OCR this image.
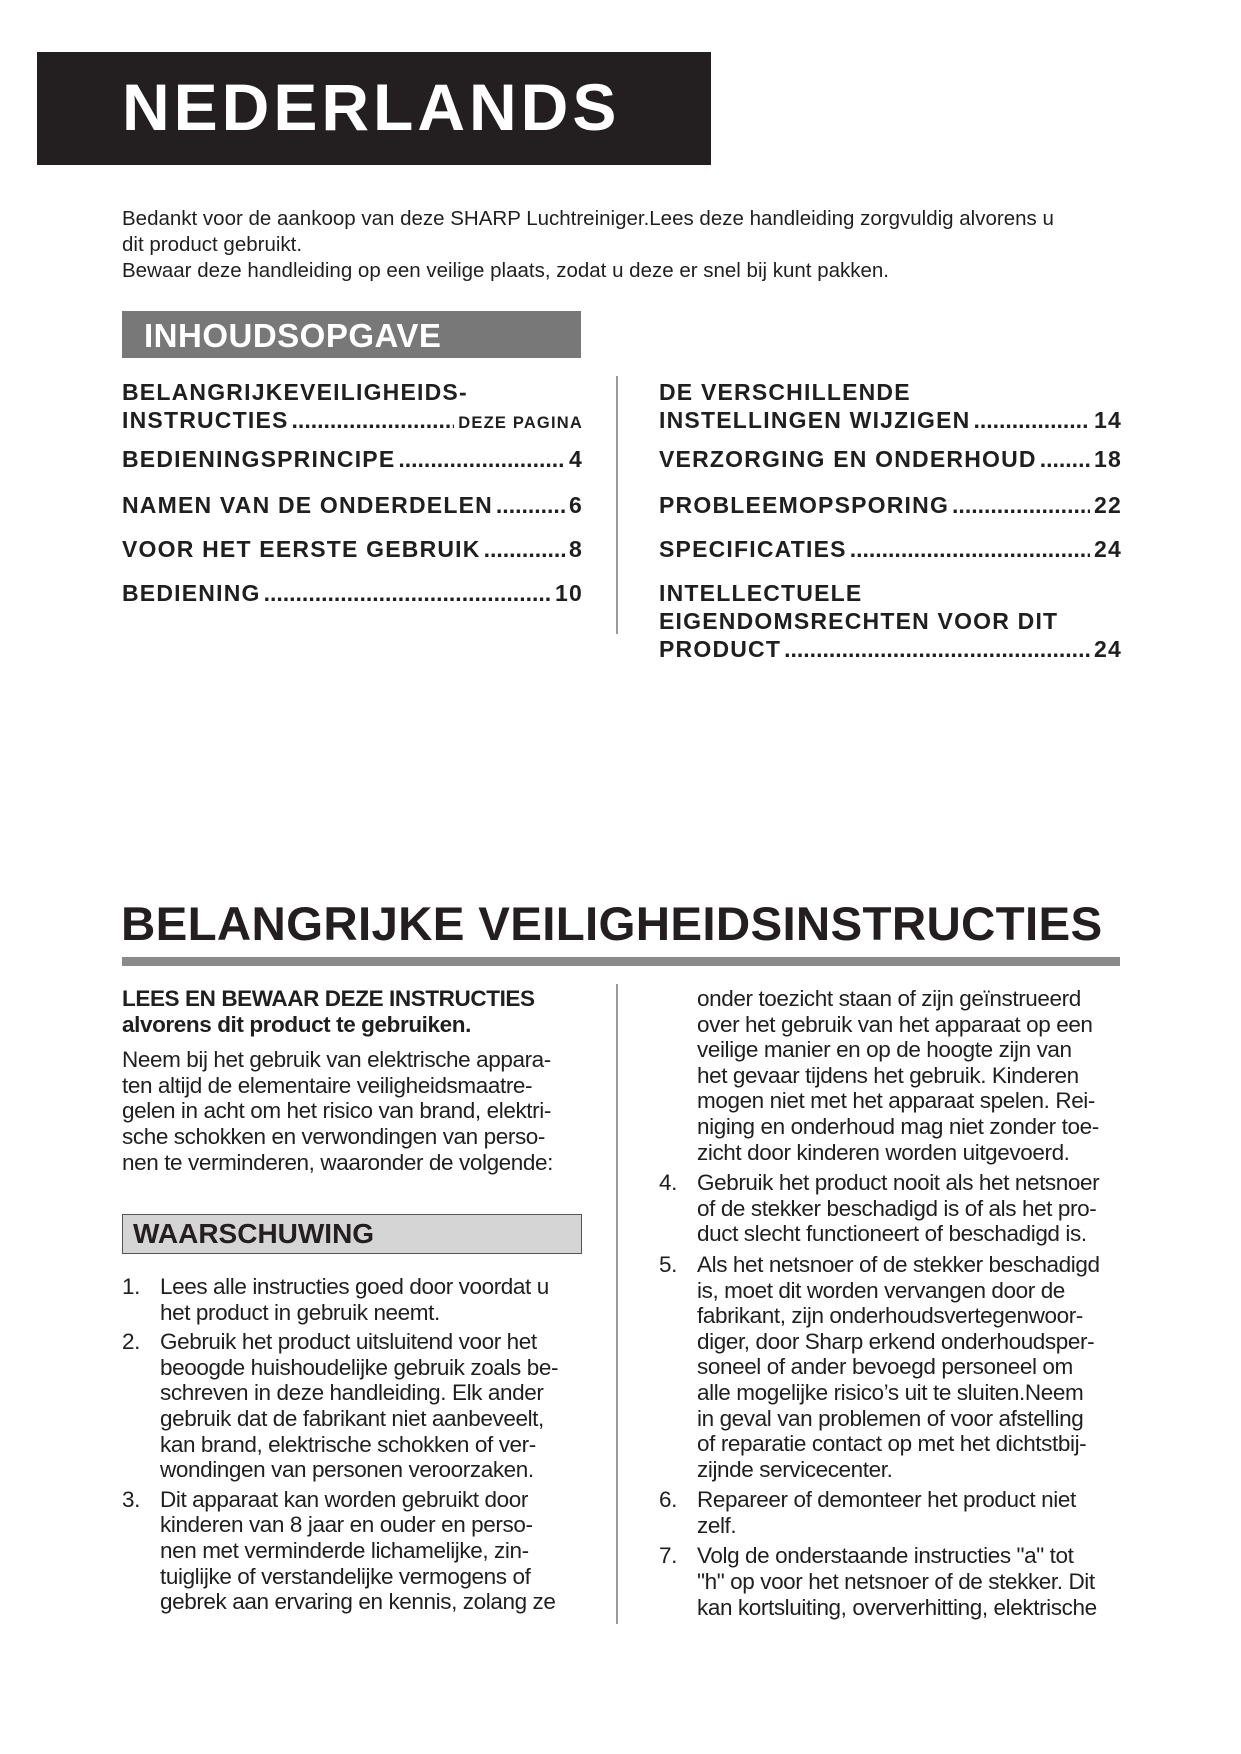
NEDERLANDS

Bedankt voor de aankoop van deze SHARP Luchtreiniger.Lees deze handleiding zorgvuldig alvorens u

dit product gebruikt.

Bewaar deze handleiding op een veilige plaats, zodat u deze er snel bij kunt pakken.

INHOUDSOPGAVE
BELANGRIJKEVEILIGHEIDS-
INSTRUCTIES .....	DEZE PAGINA
BEDIENINGSPRINCIPE .....	4
NAMEN VAN DE ONDERDELEN .....	6
VOOR HET EERSTE GEBRUIK .....	8
BEDIENING .....	10
DE VERSCHILLENDE
INSTELLINGEN WIJZIGEN .....	14
VERZORGING EN ONDERHOUD ..... 18
PROBLEEMOPSPORING .....	22
SPECIFICATIES .....	24
INTELLECTUELE
EIGENDOMSRECHTEN VOOR DIT
PRODUCT .....	24
BELANGRIJKE VEILIGHEIDSINSTRUCTIES
LEES EN BEWAAR DEZE INSTRUCTIES
alvorens dit product te gebruiken.
Neem bij het gebruik van elektrische appara-
ten altijd de elementaire veiligheidsmaatre-
gelen in acht om het risico van brand, elektri-
sche schokken en verwondingen van perso-
nen te verminderen, waaronder de volgende:
WAARSCHUWING
1. Lees alle instructies goed door voordat u
het product in gebruik neemt.
2. Gebruik het product uitsluitend voor het
beoogde huishoudelijke gebruik zoals be-
schreven in deze handleiding. Elk ander
gebruik dat de fabrikant niet aanbeveelt,
kan brand, elektrische schokken of ver-
wondingen van personen veroorzaken.
3. Dit apparaat kan worden gebruikt door
kinderen van 8 jaar en ouder en perso-
nen met verminderde lichamelijke, zin-
tuiglijke of verstandelijke vermogens of
gebrek aan ervaring en kennis, zolang ze
onder toezicht staan of zijn geïnstrueerd
over het gebruik van het apparaat op een
veilige manier en op de hoogte zijn van
het gevaar tijdens het gebruik. Kinderen
mogen niet met het apparaat spelen. Rei-
niging en onderhoud mag niet zonder toe-
zicht door kinderen worden uitgevoerd.
4. Gebruik het product nooit als het netsnoer
of de stekker beschadigd is of als het pro-
duct slecht functioneert of beschadigd is.
5. Als het netsnoer of de stekker beschadigd
is, moet dit worden vervangen door de
fabrikant, zijn onderhoudsvertegenwoor-
diger, door Sharp erkend onderhoudsper-
soneel of ander bevoegd personeel om
alle mogelijke risico’s uit te sluiten.Neem
in geval van problemen of voor afstelling
of reparatie contact op met het dichtstbij-
zijnde servicecenter.
6. Repareer of demonteer het product niet
zelf.
7. Volg de onderstaande instructies "a" tot
"h" op voor het netsnoer of de stekker. Dit
kan kortsluiting, oververhitting, elektrische
